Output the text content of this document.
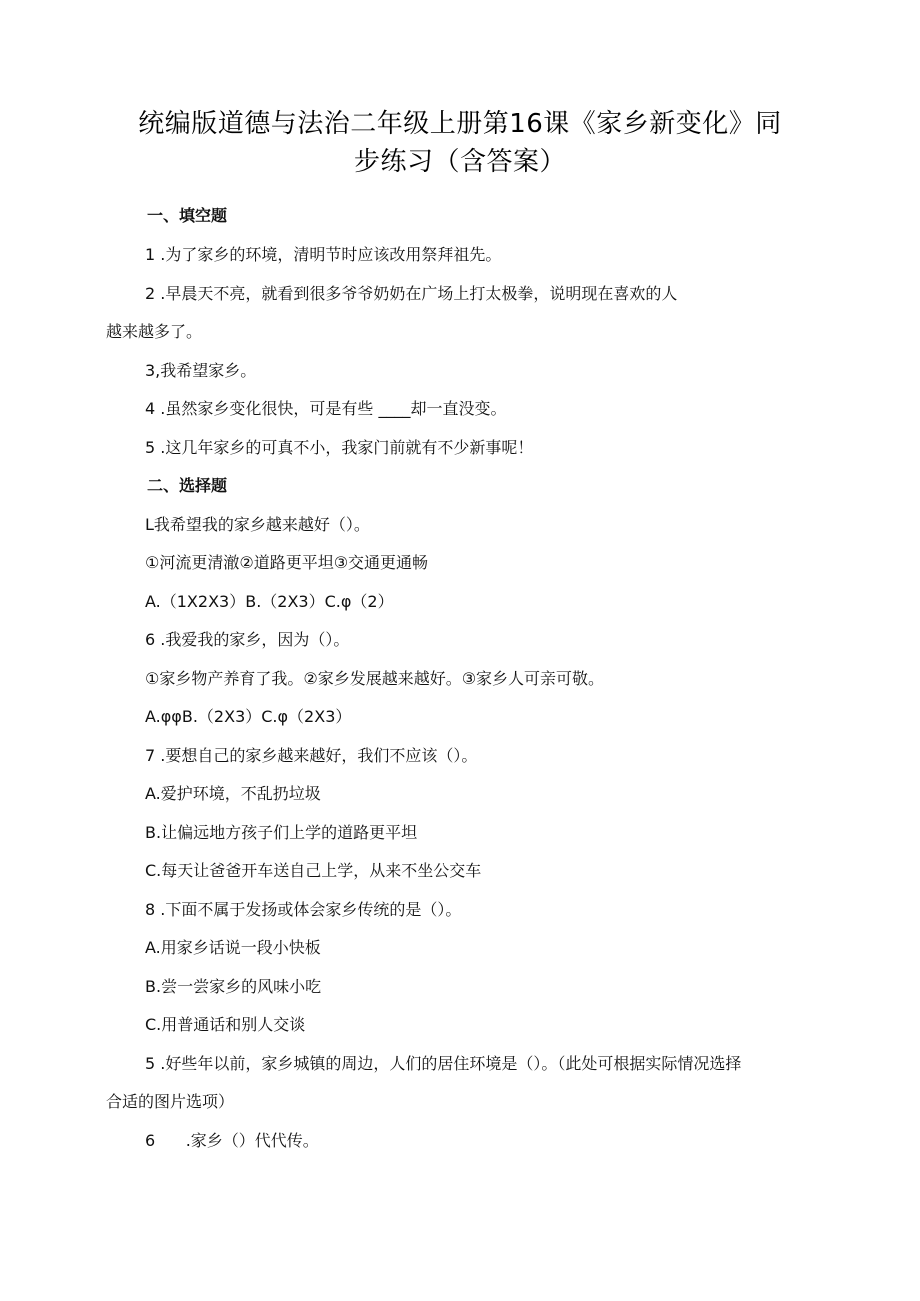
统编版道德与法治二年级上册第16课《家乡新变化》同
步练习（含答案）
一、填空题
1 .为了家乡的环境，清明节时应该改用祭拜祖先。
2 .早晨天不亮，就看到很多爷爷奶奶在广场上打太极拳，说明现在喜欢的人
越来越多了。
3,我希望家乡。
4 .虽然家乡变化很快，可是有些 ____却一直没变。
5 .这几年家乡的可真不小，我家门前就有不少新事呢！
二、选择题
L我希望我的家乡越来越好（）。
①河流更清澈②道路更平坦③交通更通畅
A.（1X2X3）B.（2X3）C.φ（2）
6 .我爱我的家乡，因为（）。
①家乡物产养育了我。②家乡发展越来越好。③家乡人可亲可敬。
A.φφB.（2X3）C.φ（2X3）
7 .要想自己的家乡越来越好，我们不应该（）。
A.爱护环境，不乱扔垃圾
B.让偏远地方孩子们上学的道路更平坦
C.每天让爸爸开车送自己上学，从来不坐公交车
8 .下面不属于发扬或体会家乡传统的是（）。
A.用家乡话说一段小快板
B.尝一尝家乡的风味小吃
C.用普通话和别人交谈
5 .好些年以前，家乡城镇的周边，人们的居住环境是（）。（此处可根据实际情况选择
合适的图片选项）
6      .家乡（）代代传。
